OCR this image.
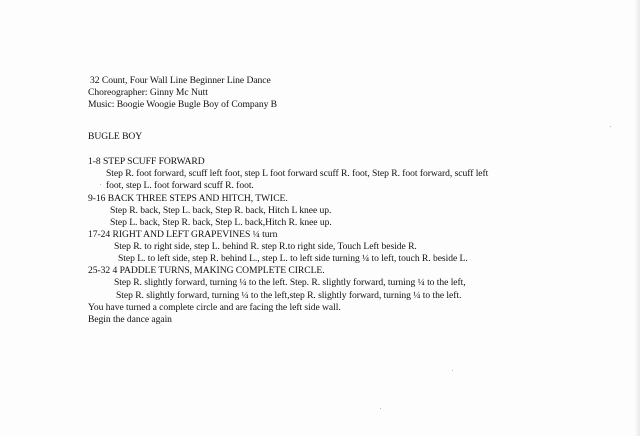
32 Count, Four Wall Line Beginner Line Dance
Choreographer: Ginny Mc Nutt
Music: Boogie Woogie Bugle Boy of Company B
BUGLE BOY
1-8 STEP SCUFF FORWARD
Step R. foot forward, scuff left foot, step L foot forward scuff R. foot, Step R. foot forward, scuff left
foot, step L. foot forward scuff R. foot.
9-16 BACK THREE STEPS AND HITCH, TWICE.
Step R. back, Step L. back, Step R. back, Hitch L knee up.
Step L. back, Step R. back, Step L. back,Hitch R. knee up.
17-24 RIGHT AND LEFT GRAPEVINES ¼ turn
Step R. to right side, step L. behind R. step R.to right side, Touch Left beside R.
Step L. to left side, step R. behind L., step L. to left side turning ¼ to left, touch R. beside L.
25-32 4 PADDLE TURNS, MAKING COMPLETE CIRCLE.
Step R. slightly forward, turning ¼ to the left. Step. R. slightly forward, turning ¼ to the left,
Step R. slightly forward, turning ¼ to the left,step R. slightly forward, turning ¼ to the left.
You have turned a complete circle and are facing the left side wall.
Begin the dance again
